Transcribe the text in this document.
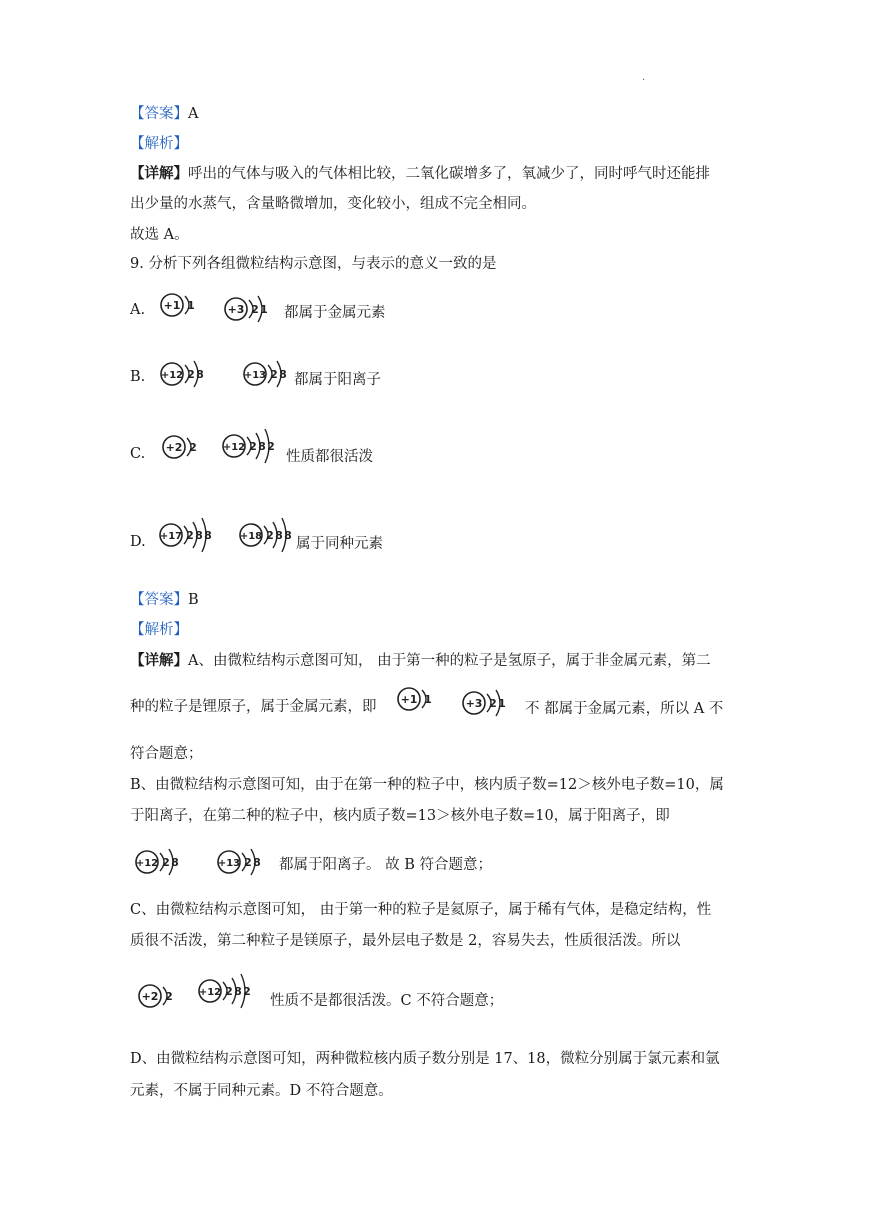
.
【答案】A
【解析】
【详解】呼出的气体与吸入的气体相比较，二氧化碳增多了，氧减少了，同时呼气时还能排
出少量的水蒸气，含量略微增加，变化较小，组成不完全相同。
故选 A。
9. 分析下列各组微粒结构示意图，与表示的意义一致的是
A. +1 1	+3 2 1 都属于金属元素
B. +12 2 8	+13 2 8 都属于阳离子
C. +2 2	+12 2 8 2
性质都很活泼
D. +17 2 8 8	+18 2 8 8
属于同种元素
【答案】B
【解析】
【详解】A、由微粒结构示意图可知， 由于第一种的粒子是氢原子，属于非金属元素，第二
种的粒子是锂原子，属于金属元素，即 +1 1	+3 2 1 不 都属于金属元素，所以 A 不
符合题意；
B、由微粒结构示意图可知，由于在第一种的粒子中，核内质子数=12＞核外电子数=10，属
于阳离子，在第二种的粒子中，核内质子数=13＞核外电子数=10，属于阳离子，即
+12 2 8	+13 2 8 都属于阳离子。 故 B 符合题意；
C、由微粒结构示意图可知， 由于第一种的粒子是氦原子，属于稀有气体，是稳定结构，性
质很不活泼，第二种粒子是镁原子，最外层电子数是 2，容易失去，性质很活泼。所以
+2 2	+12 2 8 2
性质不是都很活泼。C 不符合题意；
D、由微粒结构示意图可知，两种微粒核内质子数分别是 17、18，微粒分别属于氯元素和氩
元素，不属于同种元素。D 不符合题意。
